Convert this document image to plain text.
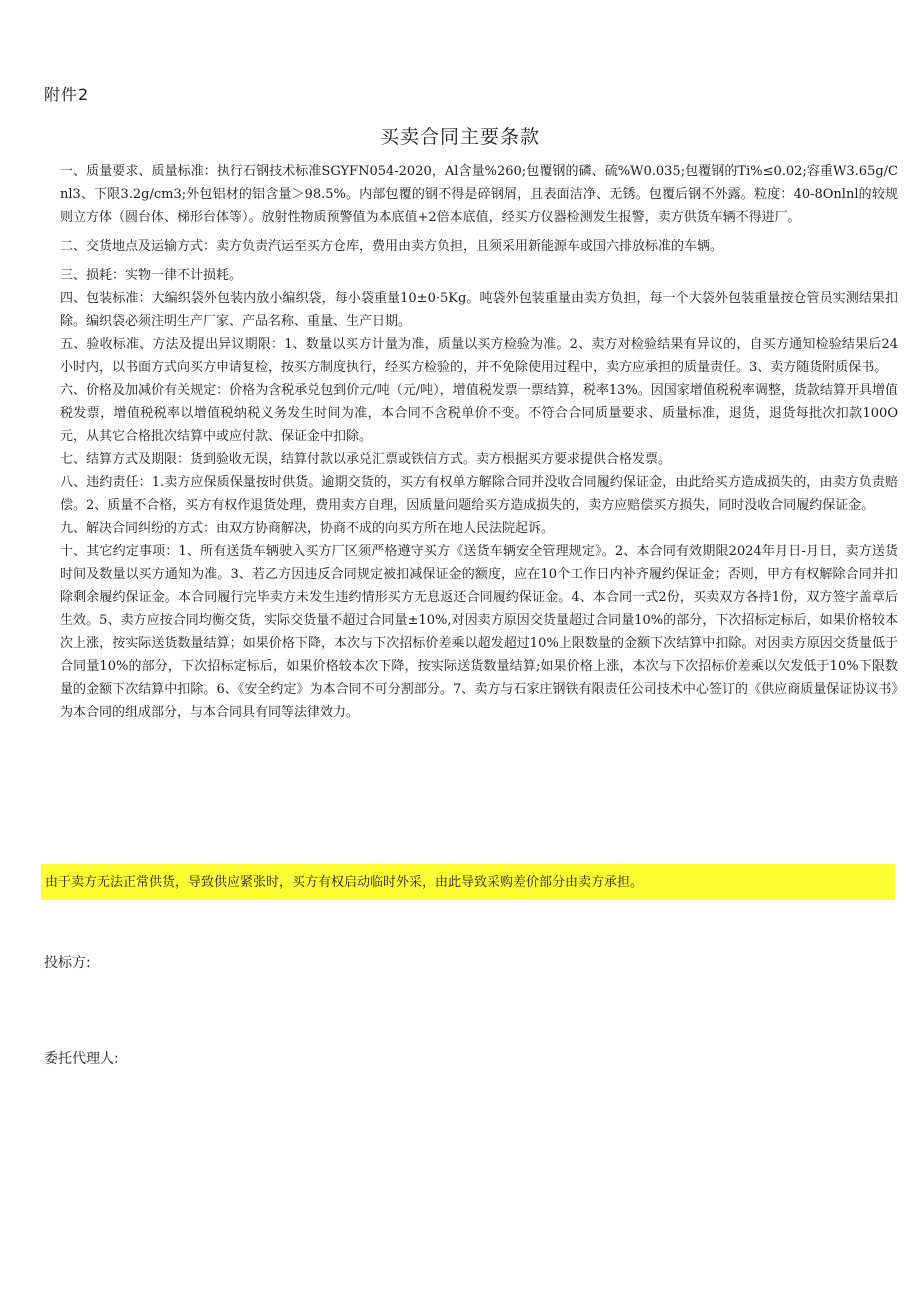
附件2
买卖合同主要条款

一、质量要求、质量标准：执行石钢技术标准SGYFN054-2020，Al含量%260;包覆钢的磷、硫%W0.035;包覆钢的Ti%≤0.02;容重W3.65g/Cnl3、下限3.2g/cm3;外包铝材的铝含量＞98.5%。内部包覆的钢不得是碎钢屑，且表面洁净、无锈。包覆后钢不外露。粒度：40-8Onlnl的较规则立方体（圆台体、梯形台体等）。放射性物质预警值为本底值+2倍本底值，经买方仪器检测发生报警，卖方供货车辆不得进厂。

二、交货地点及运输方式：卖方负责汽运至买方仓库，费用由卖方负担，且须采用新能源车或国六排放标准的车辆。

三、损耗：实物一律不计损耗。

四、包装标准：大编织袋外包装内放小编织袋，每小袋重量10±0·5Kg。吨袋外包装重量由卖方负担，每一个大袋外包装重量按仓管员实测结果扣除。编织袋必须注明生产厂家、产品名称、重量、生产日期。

五、验收标准、方法及提出异议期限：1、数量以买方计量为准，质量以买方检验为准。2、卖方对检验结果有异议的，自买方通知检验结果后24小时内，以书面方式向买方申请复检，按买方制度执行，经买方检验的，并不免除使用过程中，卖方应承担的质量责任。3、卖方随货附质保书。

六、价格及加减价有关规定：价格为含税承兑包到价元/吨（元/吨），增值税发票一票结算，税率13%。因国家增值税税率调整，货款结算开具增值税发票，增值税税率以增值税纳税义务发生时间为准，本合同不含税单价不变。不符合合同质量要求、质量标准，退货，退货每批次扣款100O元，从其它合格批次结算中或应付款、保证金中扣除。

七、结算方式及期限：货到验收无误，结算付款以承兑汇票或铁信方式。卖方根据买方要求提供合格发票。

八、违约责任：1.卖方应保质保量按时供货。逾期交货的，买方有权单方解除合同并没收合同履约保证金，由此给买方造成损失的，由卖方负责赔偿。2、质量不合格，买方有权作退货处理，费用卖方自理，因质量问题给买方造成损失的，卖方应赔偿买方损失，同时没收合同履约保证金。

九、解决合同纠纷的方式：由双方协商解决，协商不成的向买方所在地人民法院起诉。

十、其它约定事项：1、所有送货车辆驶入买方厂区须严格遵守买方《送货车辆安全管理规定》。2、本合同有效期限2024年月日-月日，卖方送货时间及数量以买方通知为准。3、若乙方因违反合同规定被扣减保证金的额度，应在10个工作日内补齐履约保证金；否则，甲方有权解除合同并扣除剩余履约保证金。本合同履行完毕卖方未发生违约情形买方无息返还合同履约保证金。4、本合同一式2份，买卖双方各持1份，双方签字盖章后生效。5、卖方应按合同均衡交货，实际交货量不超过合同量±10%,对因卖方原因交货量超过合同量10%的部分，下次招标定标后，如果价格较本次上涨，按实际送货数量结算；如果价格下降，本次与下次招标价差乘以超发超过10%上限数量的金额下次结算中扣除。对因卖方原因交货量低于合同量10%的部分，下次招标定标后，如果价格较本次下降，按实际送货数量结算;如果价格上涨，本次与下次招标价差乘以欠发低于10%下限数量的金额下次结算中扣除。6、《安全约定》为本合同不可分割部分。7、卖方与石家庄钢铁有限责任公司技术中心签订的《供应商质量保证协议书》为本合同的组成部分，与本合同具有同等法律效力。

由于卖方无法正常供货，导致供应紧张时，买方有权启动临时外采，由此导致采购差价部分由卖方承担。
投标方:
委托代理人:
